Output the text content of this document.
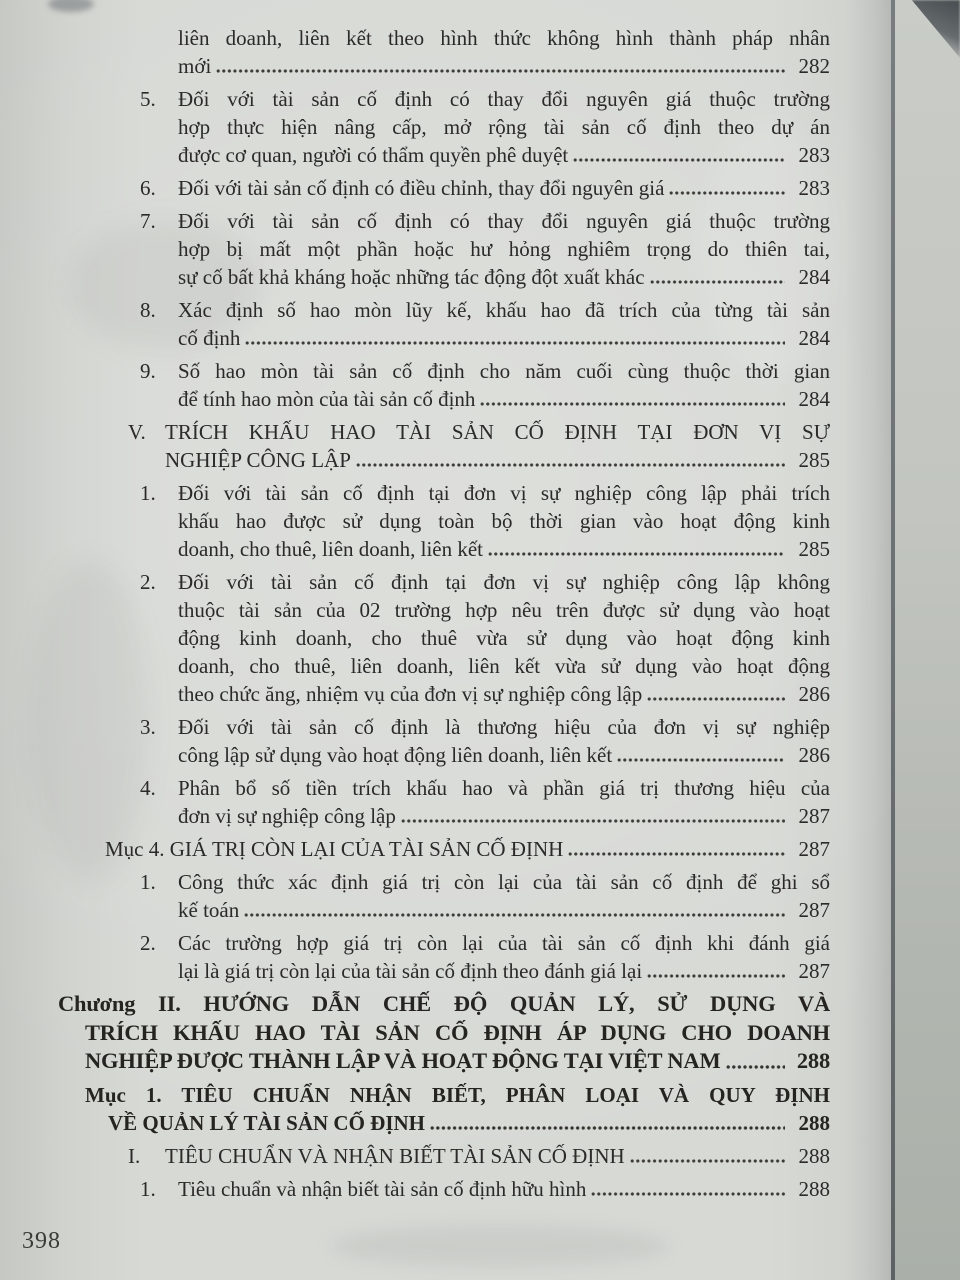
liên doanh, liên kết theo hình thức không hình thành pháp nhân
mới	282
5.	Đối với tài sản cố định có thay đổi nguyên giá thuộc trường
hợp thực hiện nâng cấp, mở rộng tài sản cố định theo dự án
được cơ quan, người có thẩm quyền phê duyệt	283
6.	Đối với tài sản cố định có điều chỉnh, thay đổi nguyên giá	283
7.	Đối với tài sản cố định có thay đổi nguyên giá thuộc trường
hợp bị mất một phần hoặc hư hỏng nghiêm trọng do thiên tai,
sự cố bất khả kháng hoặc những tác động đột xuất khác	284
8.	Xác định số hao mòn lũy kế, khấu hao đã trích của từng tài sản
cố định	284
9.	Số hao mòn tài sản cố định cho năm cuối cùng thuộc thời gian
để tính hao mòn của tài sản cố định	284
V. TRÍCH KHẤU HAO TÀI SẢN CỐ ĐỊNH TẠI ĐƠN VỊ SỰ
NGHIỆP CÔNG LẬP	285
1.	Đối với tài sản cố định tại đơn vị sự nghiệp công lập phải trích
khấu hao được sử dụng toàn bộ thời gian vào hoạt động kinh
doanh, cho thuê, liên doanh, liên kết	285
2.	Đối với tài sản cố định tại đơn vị sự nghiệp công lập không
thuộc tài sản của 02 trường hợp nêu trên được sử dụng vào hoạt
động kinh doanh, cho thuê vừa sử dụng vào hoạt động kinh
doanh, cho thuê, liên doanh, liên kết vừa sử dụng vào hoạt động
theo chức ăng, nhiệm vụ của đơn vị sự nghiệp công lập	286
3.	Đối với tài sản cố định là thương hiệu của đơn vị sự nghiệp
công lập sử dụng vào hoạt động liên doanh, liên kết	286
4.	Phân bổ số tiền trích khấu hao và phần giá trị thương hiệu của
đơn vị sự nghiệp công lập	287
Mục 4. GIÁ TRỊ CÒN LẠI CỦA TÀI SẢN CỐ ĐỊNH	287
1.	Công thức xác định giá trị còn lại của tài sản cố định để ghi sổ
kế toán	287
2.	Các trường hợp giá trị còn lại của tài sản cố định khi đánh giá
lại là giá trị còn lại của tài sản cố định theo đánh giá lại	287
Chương II. HƯỚNG DẪN CHẾ ĐỘ QUẢN LÝ, SỬ DỤNG VÀ
TRÍCH KHẤU HAO TÀI SẢN CỐ ĐỊNH ÁP DỤNG CHO DOANH
NGHIỆP ĐƯỢC THÀNH LẬP VÀ HOẠT ĐỘNG TẠI VIỆT NAM	288
Mục 1. TIÊU CHUẨN NHẬN BIẾT, PHÂN LOẠI VÀ QUY ĐỊNH
VỀ QUẢN LÝ TÀI SẢN CỐ ĐỊNH	288
I.	TIÊU CHUẨN VÀ NHẬN BIẾT TÀI SẢN CỐ ĐỊNH	288
1.	Tiêu chuẩn và nhận biết tài sản cố định hữu hình	288
398
